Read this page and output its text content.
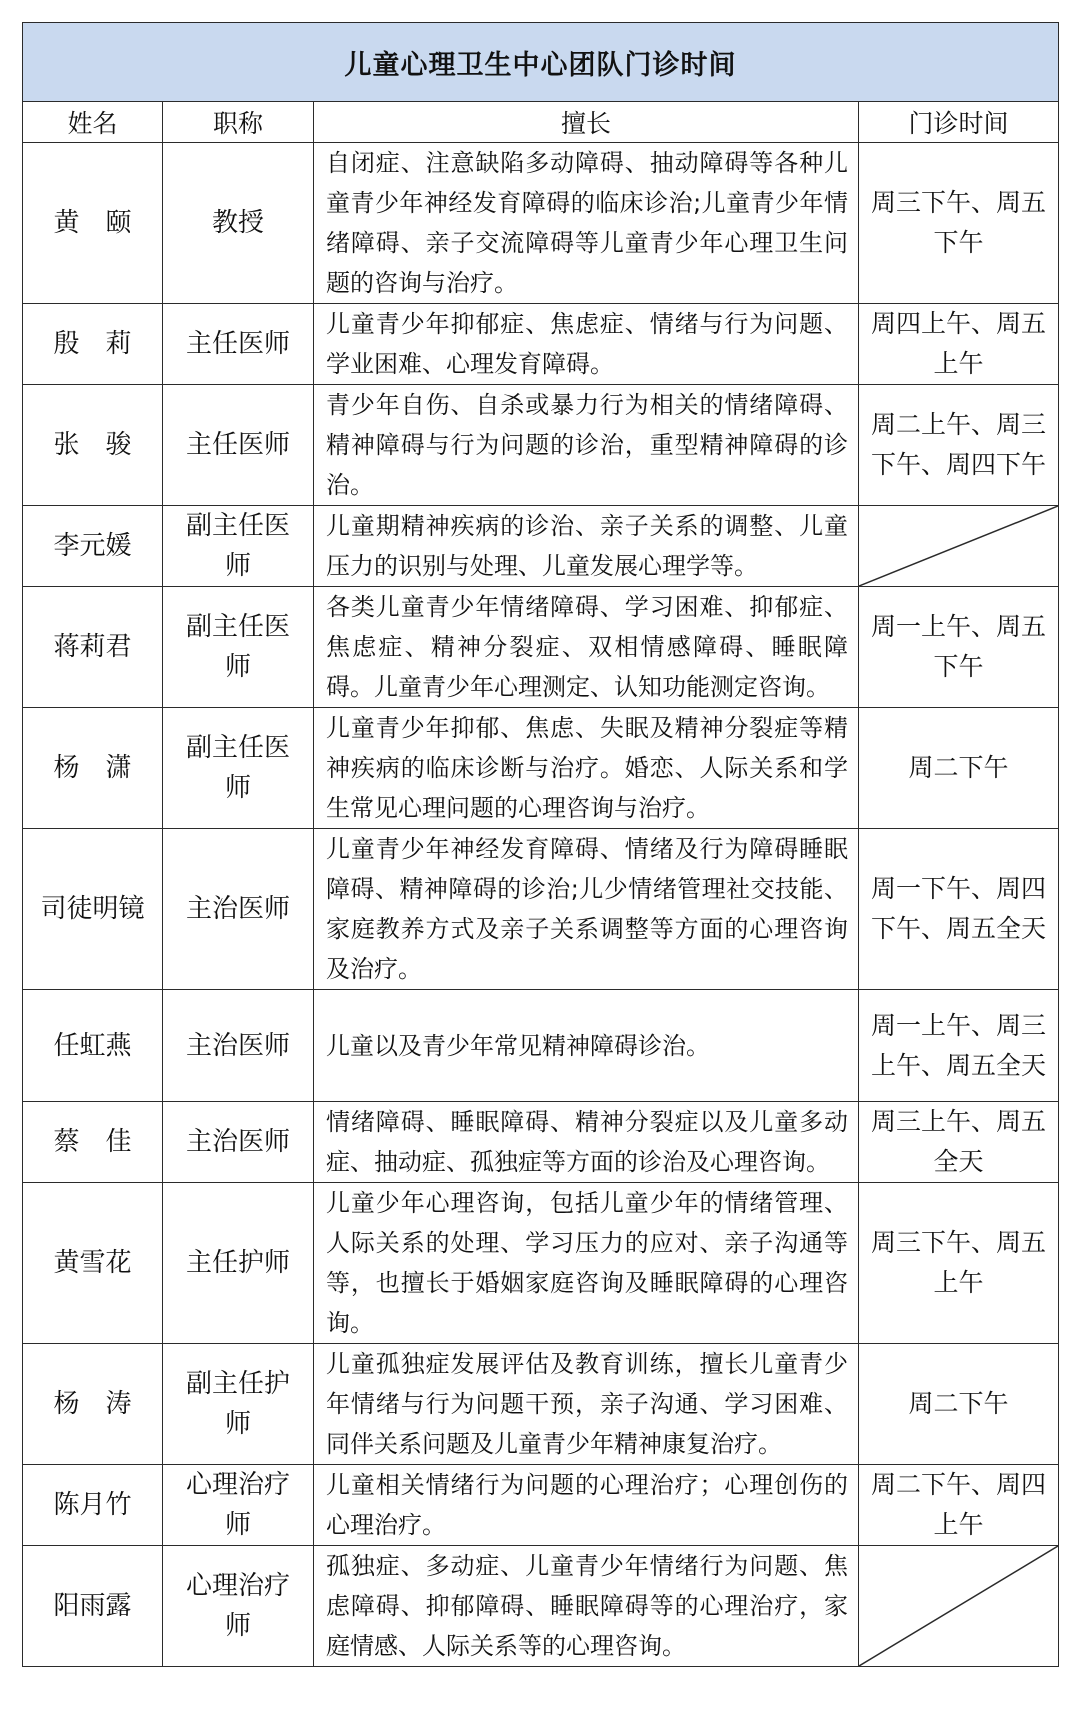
儿童心理卫生中心团队门诊时间			
姓名	职称	擅长	门诊时间
黄　颐	教授	自闭症、注意缺陷多动障碍、抽动障碍等各种儿童青少年神经发育障碍的临床诊治;儿童青少年情绪障碍、亲子交流障碍等儿童青少年心理卫生问题的咨询与治疗。	周三下午、周五下午
殷　莉	主任医师	儿童青少年抑郁症、焦虑症、情绪与行为问题、学业困难、心理发育障碍。	周四上午、周五上午
张　骏	主任医师	青少年自伤、自杀或暴力行为相关的情绪障碍、精神障碍与行为问题的诊治，重型精神障碍的诊治。	周二上午、周三下午、周四下午
李元媛	副主任医师	儿童期精神疾病的诊治、亲子关系的调整、儿童压力的识别与处理、儿童发展心理学等。	

蒋莉君	副主任医师	各类儿童青少年情绪障碍、学习困难、抑郁症、焦虑症、精神分裂症、双相情感障碍、睡眠障碍。儿童青少年心理测定、认知功能测定咨询。	周一上午、周五下午
杨　潇	副主任医师	儿童青少年抑郁、焦虑、失眠及精神分裂症等精神疾病的临床诊断与治疗。婚恋、人际关系和学生常见心理问题的心理咨询与治疗。	周二下午
司徒明镜	主治医师	儿童青少年神经发育障碍、情绪及行为障碍睡眠障碍、精神障碍的诊治;儿少情绪管理社交技能、家庭教养方式及亲子关系调整等方面的心理咨询及治疗。	周一下午、周四下午、周五全天
任虹燕	主治医师	儿童以及青少年常见精神障碍诊治。	周一上午、周三上午、周五全天
蔡　佳	主治医师	情绪障碍、睡眠障碍、精神分裂症以及儿童多动症、抽动症、孤独症等方面的诊治及心理咨询。	周三上午、周五全天
黄雪花	主任护师	儿童少年心理咨询，包括儿童少年的情绪管理、人际关系的处理、学习压力的应对、亲子沟通等等，也擅长于婚姻家庭咨询及睡眠障碍的心理咨询。	周三下午、周五上午
杨　涛	副主任护师	儿童孤独症发展评估及教育训练，擅长儿童青少年情绪与行为问题干预，亲子沟通、学习困难、同伴关系问题及儿童青少年精神康复治疗。	周二下午
陈月竹	心理治疗师	儿童相关情绪行为问题的心理治疗；心理创伤的心理治疗。	周二下午、周四上午
阳雨露	心理治疗师	孤独症、多动症、儿童青少年情绪行为问题、焦虑障碍、抑郁障碍、睡眠障碍等的心理治疗，家庭情感、人际关系等的心理咨询。	
